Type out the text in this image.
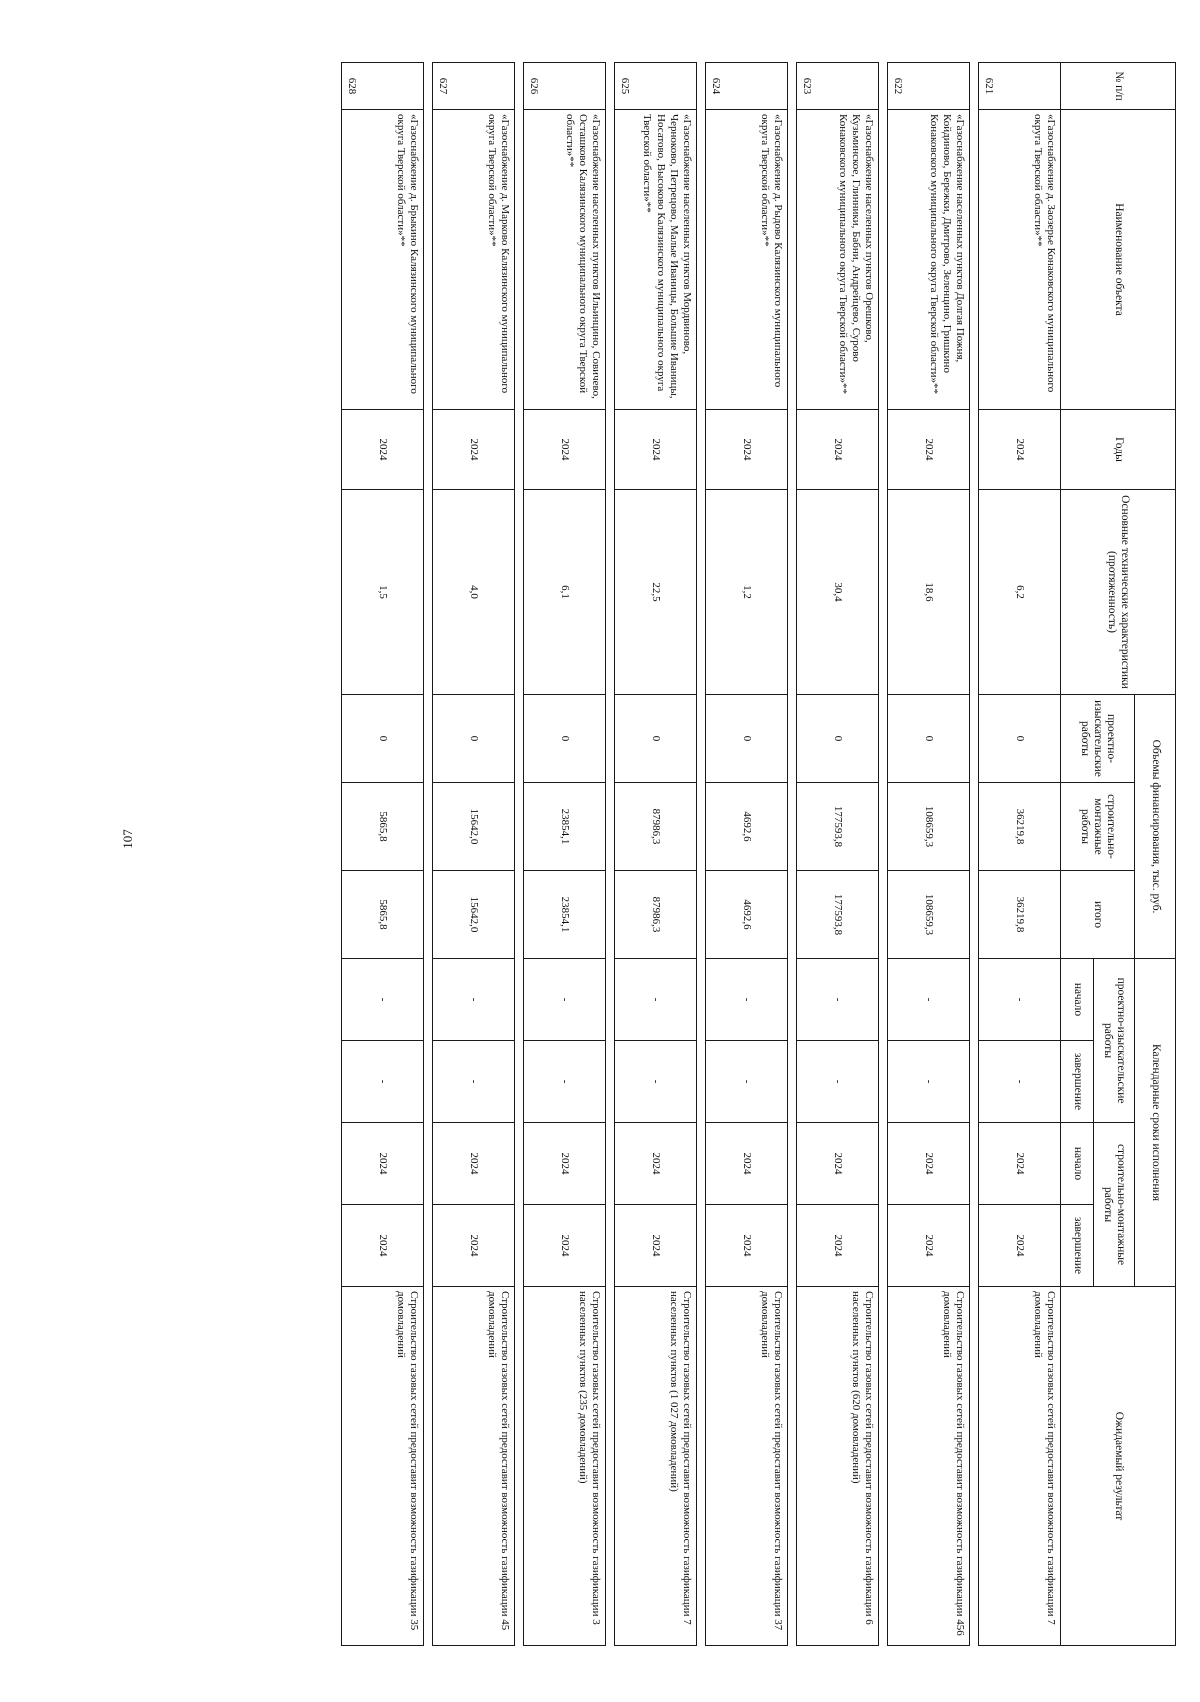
107
№ п/п	Наименование объекта	Годы	Основные технические характеристики (протяженность)	Объемы финансирования, тыс. руб.			Календарные сроки исполнения				Ожидаемый результат
				проектно-изыскательские работы	строительно-монтажные работы	итого	проектно-изыскательские работы		строительно-монтажные работы		
							начало	завершение	начало	завершение	
621	«Газоснабжение д. Заозерье Конаковского муниципального округа Тверской области»**	2024	6,2	0	36219,8	36219,8	-	-	2024	2024	Строительство газовых сетей предоставит возможность газификации 7 домовладений

622	«Газоснабжение населенных пунктов Долгая Пожня, Койдиново, Бережки, Дмитрово, Зеленцино, Гришкино Конаковского муниципального округа Тверской области»**	2024	18,6	0	108659,3	108659,3	-	-	2024	2024	Строительство газовых сетей предоставит возможность газификации 456 домовладений

623	«Газоснабжение населенных пунктов Орешково, Кузьминское, Глинники, Бабни, Андрейцево, Сурово Конаковского муниципального округа Тверской области»**	2024	30,4	0	177593,8	177593,8	-	-	2024	2024	Строительство газовых сетей предоставит возможность газификации 6 населенных пунктов (620 домовладений)

624	«Газоснабжение д. Рыдово Калязинского муниципального округа Тверской области»**	2024	1,2	0	4692,6	4692,6	-	-	2024	2024	Строительство газовых сетей предоставит возможность газификации 37 домовладений

625	«Газоснабжение населенных пунктов Мордвиново, Черноково, Петрецово, Малые Иваницы, Большие Иваницы, Носатово, Высоково Калязинского муниципального округа Тверской области»**	2024	22,5	0	87986,3	87986,3	-	-	2024	2024	Строительство газовых сетей предоставит возможность газификации 7 населенных пунктов (1 027 домовладений)

626	«Газоснабжение населенных пунктов Ильинцино, Совичево, Осташково Калязинского муниципального округа Тверской области»**	2024	6,1	0	23854,1	23854,1	-	-	2024	2024	Строительство газовых сетей предоставит возможность газификации 3 населенных пунктов (235 домовладений)

627	«Газоснабжение д. Марково Калязинского муниципального округа Тверской области»**	2024	4,0	0	15642,0	15642,0	-	-	2024	2024	Строительство газовых сетей предоставит возможность газификации 45 домовладений

628	«Газоснабжение д. Брыкино Калязинского муниципального округа Тверской области»**	2024	1,5	0	5865,8	5865,8	-	-	2024	2024	Строительство газовых сетей предоставит возможность газификации 35 домовладений
